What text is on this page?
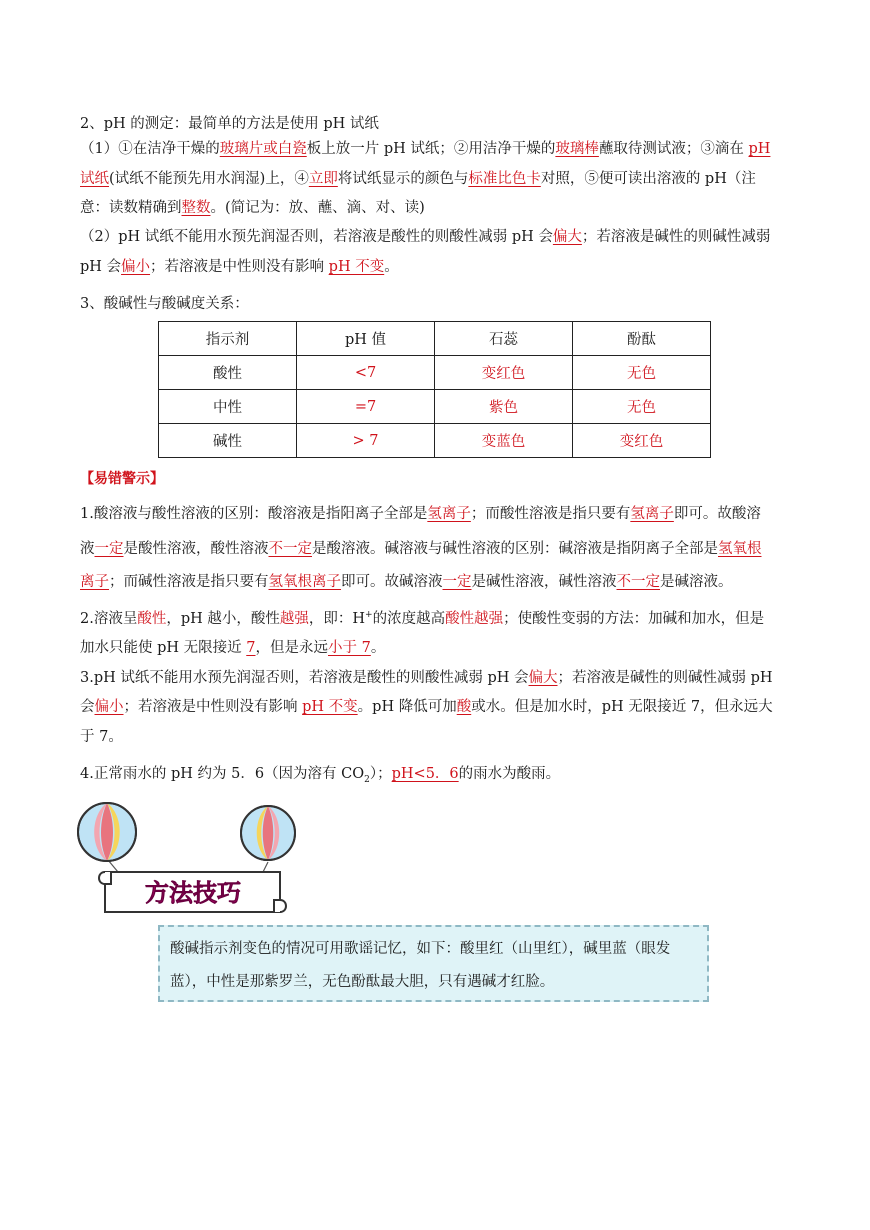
2、pH 的测定：最简单的方法是使用 pH 试纸
（1）①在洁净干燥的玻璃片或白瓷板上放一片 pH 试纸；②用洁净干燥的玻璃棒蘸取待测试液；③滴在 pH
试纸(试纸不能预先用水润湿)上，④立即将试纸显示的颜色与标准比色卡对照，⑤便可读出溶液的 pH（注
意：读数精确到整数。(简记为：放、蘸、滴、对、读)
（2）pH 试纸不能用水预先润湿否则，若溶液是酸性的则酸性减弱 pH 会偏大；若溶液是碱性的则碱性减弱
pH 会偏小；若溶液是中性则没有影响 pH 不变。
3、酸碱性与酸碱度关系：
指示剂	pH 值	石蕊	酚酞
酸性	<7	变红色	无色
中性	=7	紫色	无色
碱性	> 7	变蓝色	变红色
【易错警示】
1.酸溶液与酸性溶液的区别：酸溶液是指阳离子全部是氢离子；而酸性溶液是指只要有氢离子即可。故酸溶
液一定是酸性溶液，酸性溶液不一定是酸溶液。碱溶液与碱性溶液的区别：碱溶液是指阴离子全部是氢氧根
离子；而碱性溶液是指只要有氢氧根离子即可。故碱溶液一定是碱性溶液，碱性溶液不一定是碱溶液。
2.溶液呈酸性，pH 越小，酸性越强，即：H+的浓度越高酸性越强；使酸性变弱的方法：加碱和加水，但是
加水只能使 pH 无限接近 7，但是永远小于 7。
3.pH 试纸不能用水预先润湿否则，若溶液是酸性的则酸性减弱 pH 会偏大；若溶液是碱性的则碱性减弱 pH
会偏小；若溶液是中性则没有影响 pH 不变。pH 降低可加酸或水。但是加水时，pH 无限接近 7，但永远大
于 7。
4.正常雨水的 pH 约为 5．6（因为溶有 $CO_2$）；pH<5．6的雨水为酸雨。
方法技巧
酸碱指示剂变色的情况可用歌谣记忆，如下：酸里红（山里红），碱里蓝（眼发
蓝），中性是那紫罗兰，无色酚酞最大胆，只有遇碱才红脸。
